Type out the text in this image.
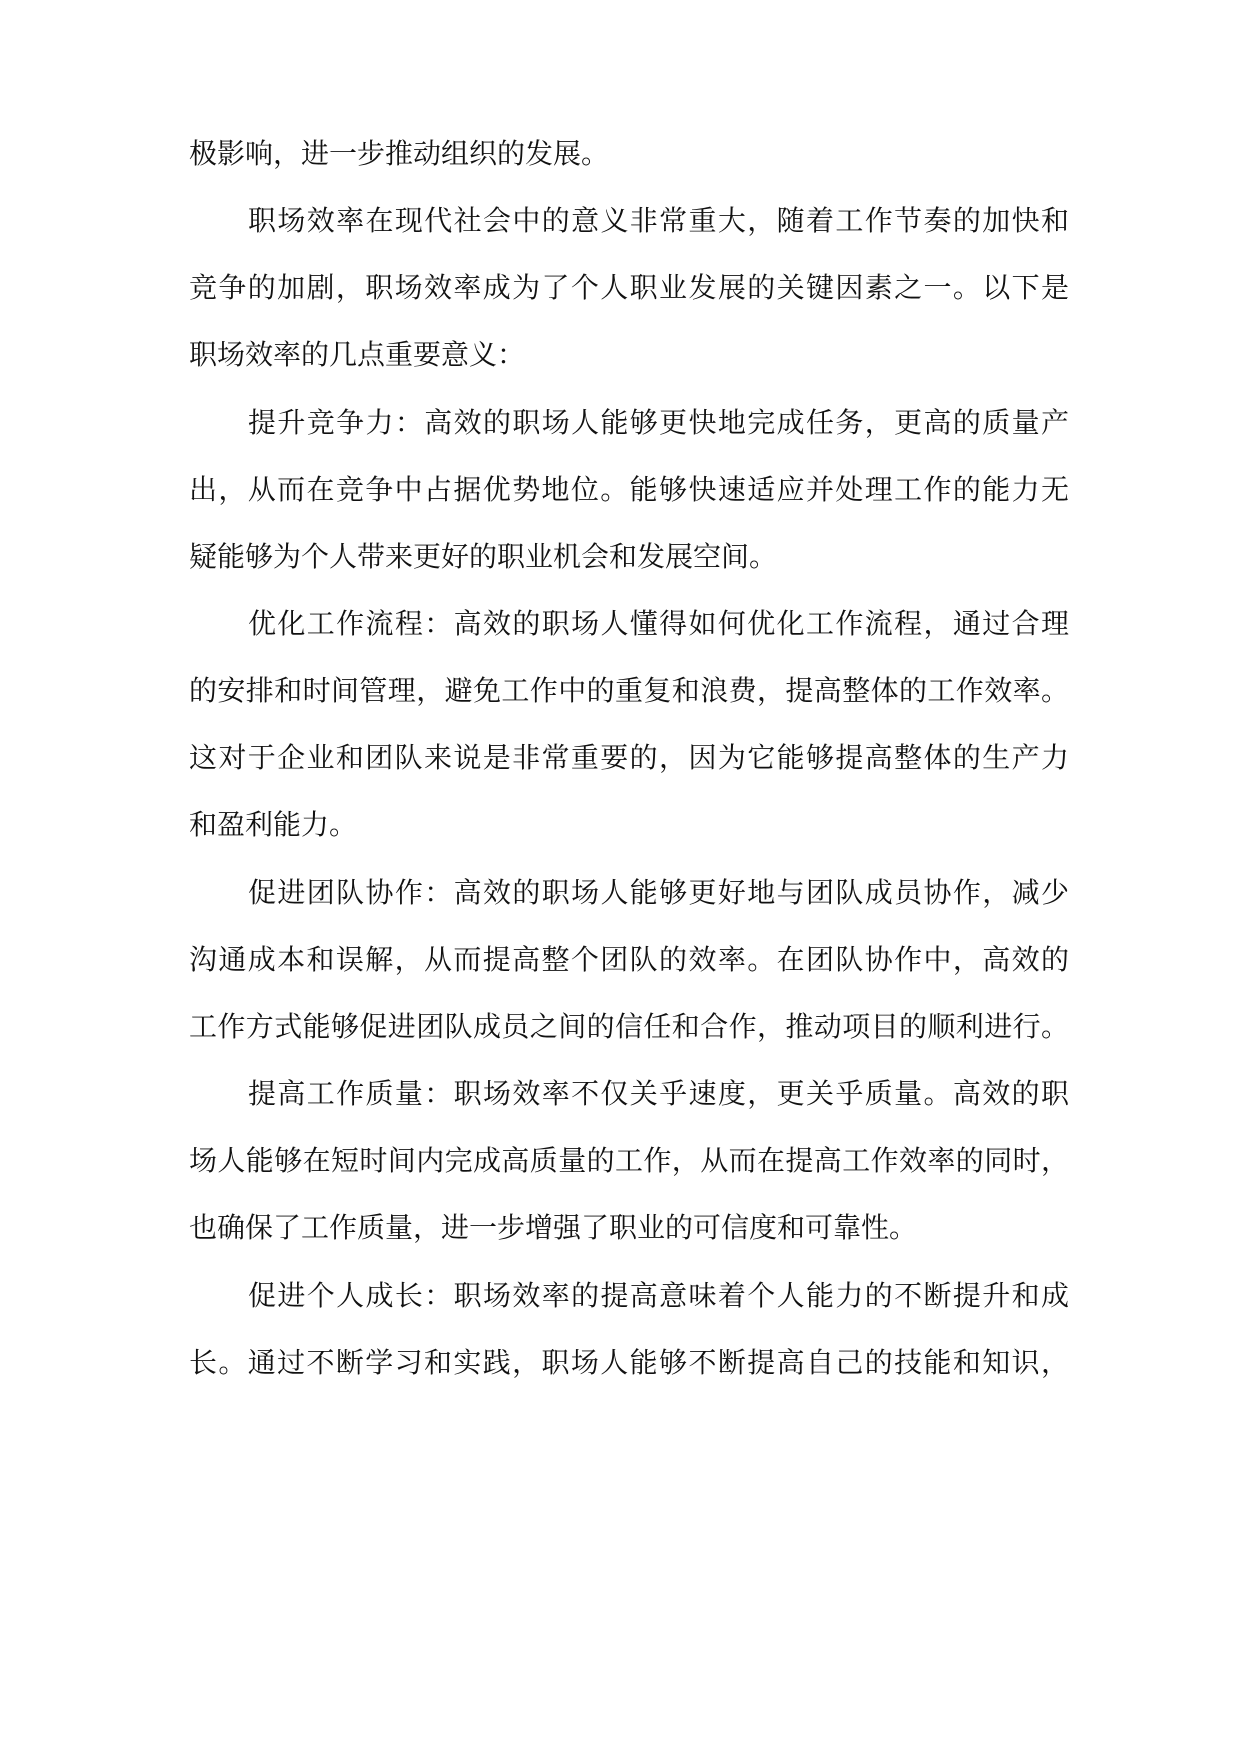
极影响，进一步推动组织的发展。
职场效率在现代社会中的意义非常重大，随着工作节奏的加快和
竞争的加剧，职场效率成为了个人职业发展的关键因素之一。以下是
职场效率的几点重要意义：
提升竞争力：高效的职场人能够更快地完成任务，更高的质量产
出，从而在竞争中占据优势地位。能够快速适应并处理工作的能力无
疑能够为个人带来更好的职业机会和发展空间。
优化工作流程：高效的职场人懂得如何优化工作流程，通过合理
的安排和时间管理，避免工作中的重复和浪费，提高整体的工作效率。
这对于企业和团队来说是非常重要的，因为它能够提高整体的生产力
和盈利能力。
促进团队协作：高效的职场人能够更好地与团队成员协作，减少
沟通成本和误解，从而提高整个团队的效率。在团队协作中，高效的
工作方式能够促进团队成员之间的信任和合作，推动项目的顺利进行。
提高工作质量：职场效率不仅关乎速度，更关乎质量。高效的职
场人能够在短时间内完成高质量的工作，从而在提高工作效率的同时，
也确保了工作质量，进一步增强了职业的可信度和可靠性。
促进个人成长：职场效率的提高意味着个人能力的不断提升和成
长。通过不断学习和实践，职场人能够不断提高自己的技能和知识，
